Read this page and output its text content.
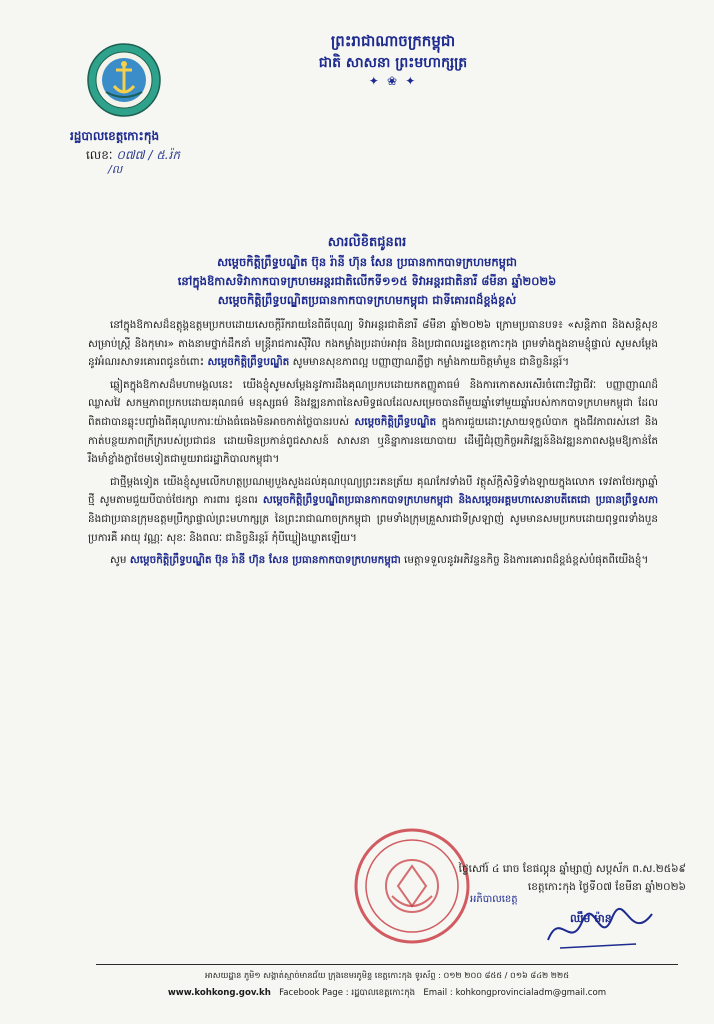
ព្រះរាជាណាចក្រកម្ពុជា
ជាតិ សាសនា ព្រះមហាក្សត្រ
✦ ❀ ✦
រដ្ឋបាលខេត្តកោះកុង
លេខៈ ០៧៧ / ៥.រ៉ក
/ល
សារលិខិតជូនពរ
សម្តេចកិត្តិព្រឹទ្ធបណ្ឌិត ប៊ុន រ៉ានី ហ៊ុន សែន ប្រធានកាកបាទក្រហមកម្ពុជា
នៅក្នុងឱកាសទិវាកាកបាទក្រហមអន្តរជាតិលើកទី១១៥ ទិវាអន្តរជាតិនារី ៨មីនា ឆ្នាំ២០២៦
សម្តេចកិត្តិព្រឹទ្ធបណ្ឌិតប្រធានកាកបាទក្រហមកម្ពុជា ជាទីគោរពដ៏ខ្ពង់ខ្ពស់

នៅក្នុងឱកាសដ៏ឧត្តុង្គឧត្តមប្រកបដោយសេចក្តីរីករាយនៃពិធីបុណ្យ ទិវាអន្តរជាតិនារី ៨មីនា ឆ្នាំ២០២៦ ក្រោមប្រធានបទ៖ «សន្តិភាព និងសន្តិសុខសម្រាប់ស្ត្រី និងកុមារ» តាងនាមថ្នាក់ដឹកនាំ មន្ត្រីរាជការស៊ីវិល កងកម្លាំងប្រដាប់អាវុធ និងប្រជាពលរដ្ឋខេត្តកោះកុង ព្រមទាំងក្នុងនាមខ្ញុំផ្ទាល់ សូមសម្តែងនូវអំណរសាទរគោរពជូនចំពោះ សម្តេចកិត្តិព្រឹទ្ធបណ្ឌិត សូមមានសុខភាពល្អ បញ្ញាញាណភ្លឺថ្លា កម្លាំងកាយចិត្តមាំមួន ជានិច្ចនិរន្តរ៍។

ឆ្លៀតក្នុងឱកាសដ៏មហាមង្គលនេះ យើងខ្ញុំសូមសម្តែងនូវការដឹងគុណប្រកបដោយកតញ្ញូតាធម៌ និងការកោតសរសើរចំពោះវិជ្ជាជីវៈ បញ្ញាញាណដ៏ឈ្លាសវៃ សកម្មភាពប្រកបដោយគុណធម៌ មនុស្សធម៌ និងវឌ្ឍនភាពនៃសមិទ្ធផលដែលសម្រេចបានពីមួយឆ្នាំទៅមួយឆ្នាំរបស់កាកបាទក្រហមកម្ពុជា ដែលពិតជាបានឆ្លុះបញ្ចាំងពីគុណូបការៈយ៉ាងធំធេងមិនអាចកាត់ថ្លៃបានរបស់ សម្តេចកិត្តិព្រឹទ្ធបណ្ឌិត ក្នុងការជួយដោះស្រាយទុក្ខលំបាក ក្នុងជីវភាពរស់នៅ និងកាត់បន្ថយភាពក្រីក្ររបស់ប្រជាជន ដោយមិនប្រកាន់ពូជសាសន៍ សាសនា ឬនិន្នាការនយោបាយ ដើម្បីជំរុញកិច្ចអភិវឌ្ឍន៍និងវឌ្ឍនភាពសង្គមឱ្យកាន់តែរឹងមាំខ្លាំងក្លាថែមទៀតជាមួយរាជរដ្ឋាភិបាលកម្ពុជា។

ជាថ្មីម្តងទៀត យើងខ្ញុំសូមលើកហត្ថប្រណម្យបួងសួងដល់គុណបុណ្យព្រះរតនត្រ័យ គុណកែវទាំងបី វត្ថុស័ក្តិសិទ្ធិទាំងឡាយក្នុងលោក ទេវតាថែរក្សាឆ្នាំថ្មី សូមតាមជួយបីបាច់ថែរក្សា ការពារ ជូនពរ សម្តេចកិត្តិព្រឹទ្ធបណ្ឌិតប្រធានកាកបាទក្រហមកម្ពុជា និងសម្តេចអគ្គមហាសេនាបតីតេជោ ប្រធានព្រឹទ្ធសភា និងជាប្រធានក្រុមឧត្តមប្រឹក្សាផ្ទាល់ព្រះមហាក្សត្រ នៃព្រះរាជាណាចក្រកម្ពុជា ព្រមទាំងក្រុមគ្រួសារជាទីស្រឡាញ់ សូមមានសមប្រកបដោយពុទ្ធពរទាំងបួនប្រការគឺ អាយុ វណ្ណៈ សុខៈ និងពលៈ ជានិច្ចនិរន្តរ៍ កុំបីឃ្លៀងឃ្លាតឡើយ។

សូម សម្តេចកិត្តិព្រឹទ្ធបណ្ឌិត ប៊ុន រ៉ានី ហ៊ុន សែន ប្រធានកាកបាទក្រហមកម្ពុជា មេត្តាទទួលនូវអភិវន្ទនកិច្ច និងការគោរពដ៏ខ្ពង់ខ្ពស់បំផុតពីយើងខ្ញុំ។

ថ្ងៃសៅរ៍ ៤ រោច ខែផល្គុន ឆ្នាំម្សាញ់ សប្តស័ក ព.ស.២៥៦៩
ខេត្តកោះកុង ថ្ងៃទី០៧ ខែមីនា ឆ្នាំ២០២៦
អភិបាលខេត្ត
ឈឹម ម៉ាន
អាសយដ្ឋាន ភូមិ១ សង្កាត់ស្មាច់មានជ័យ ក្រុងខេមរភូមិន្ទ ខេត្តកោះកុង ទូរស័ព្ទ : ០១២ ២០០ ៨៥៥ / ០១៦ ៨៤២ ២២៥
www.kohkong.gov.kh Facebook Page : រដ្ឋបាលខេត្តកោះកុង Email : kohkongprovincialadm@gmail.com
